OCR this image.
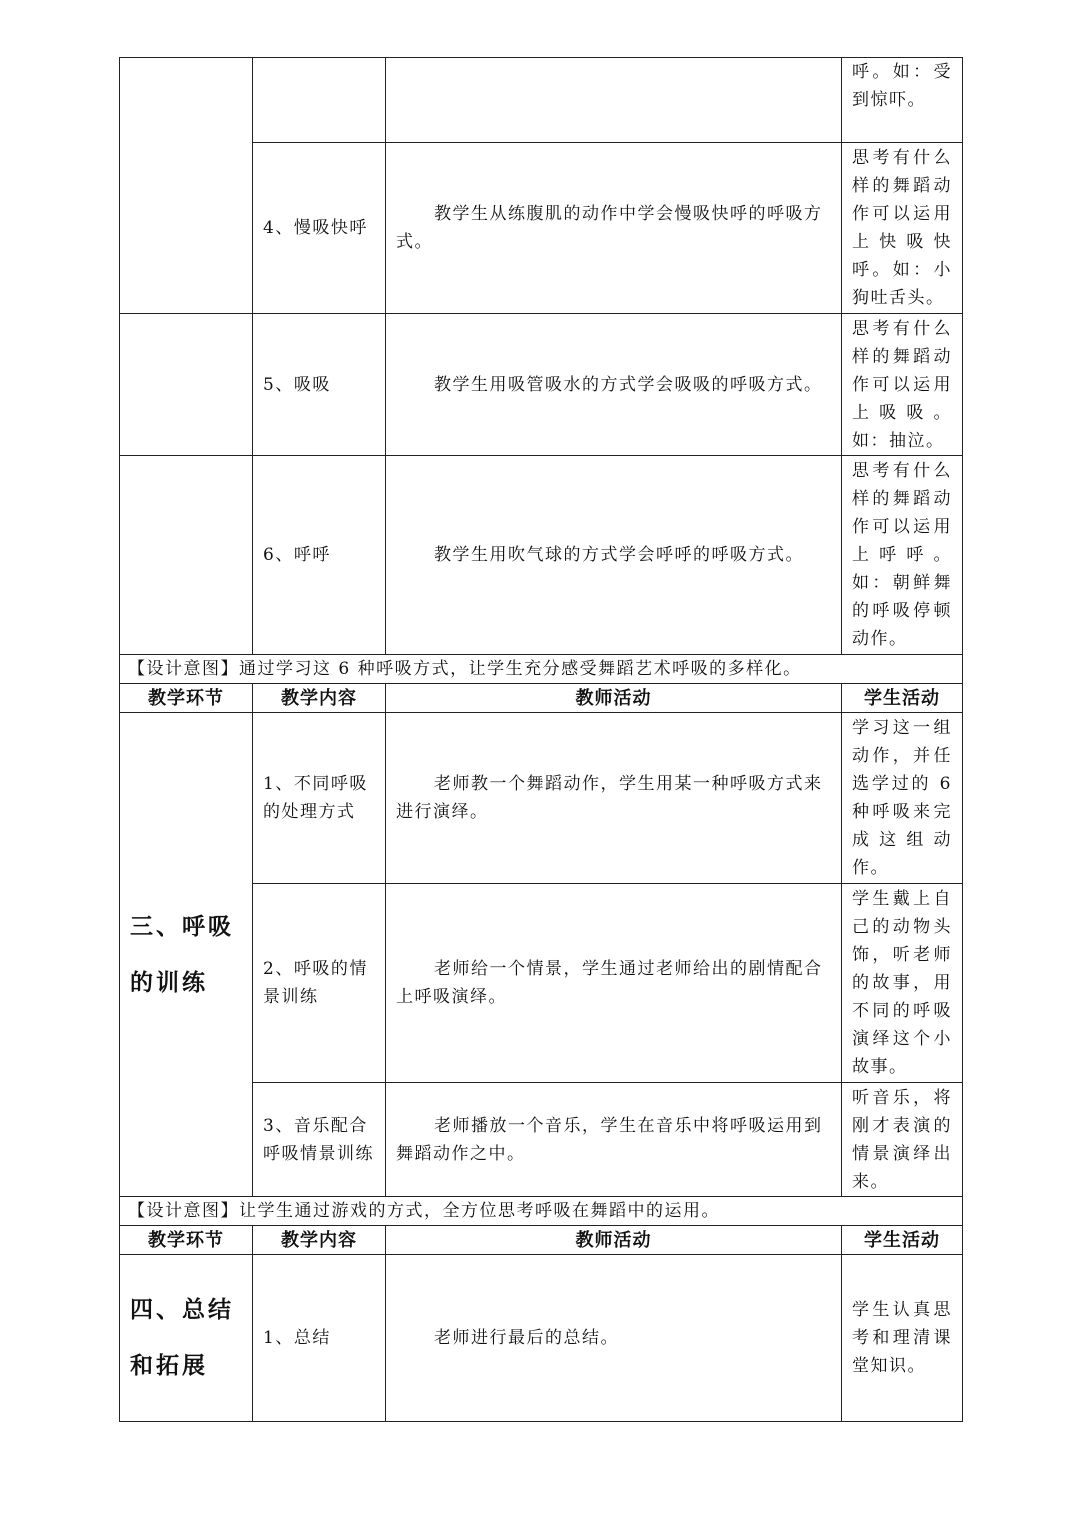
			呼。如：受到惊吓。

	4、慢吸快呼	教学生从练腹肌的动作中学会慢吸快呼的呼吸方式。	思考有什么样的舞蹈动作可以运用上快吸快呼。如：小狗吐舌头。

	5、吸吸	教学生用吸管吸水的方式学会吸吸的呼吸方式。	思考有什么样的舞蹈动作可以运用上吸吸。如：抽泣。

	6、呼呼	教学生用吹气球的方式学会呼呼的呼吸方式。	思考有什么样的舞蹈动作可以运用上呼呼。如：朝鲜舞的呼吸停顿动作。

【设计意图】通过学习这 6 种呼吸方式，让学生充分感受舞蹈艺术呼吸的多样化。			
教学环节	教学内容	教师活动	学生活动

三、呼吸的训练	1、不同呼吸的处理方式	老师教一个舞蹈动作，学生用某一种呼吸方式来进行演绎。	学习这一组动作，并任选学过的 6 种呼吸来完成这组动作。

	2、呼吸的情景训练	老师给一个情景，学生通过老师给出的剧情配合上呼吸演绎。	学生戴上自己的动物头饰，听老师的故事，用不同的呼吸演绎这个小故事。

	3、音乐配合呼吸情景训练	老师播放一个音乐，学生在音乐中将呼吸运用到舞蹈动作之中。	听音乐，将刚才表演的情景演绎出来。

【设计意图】让学生通过游戏的方式，全方位思考呼吸在舞蹈中的运用。			
教学环节	教学内容	教师活动	学生活动

四、总结和拓展	1、总结	老师进行最后的总结。	学生认真思考和理清课堂知识。
